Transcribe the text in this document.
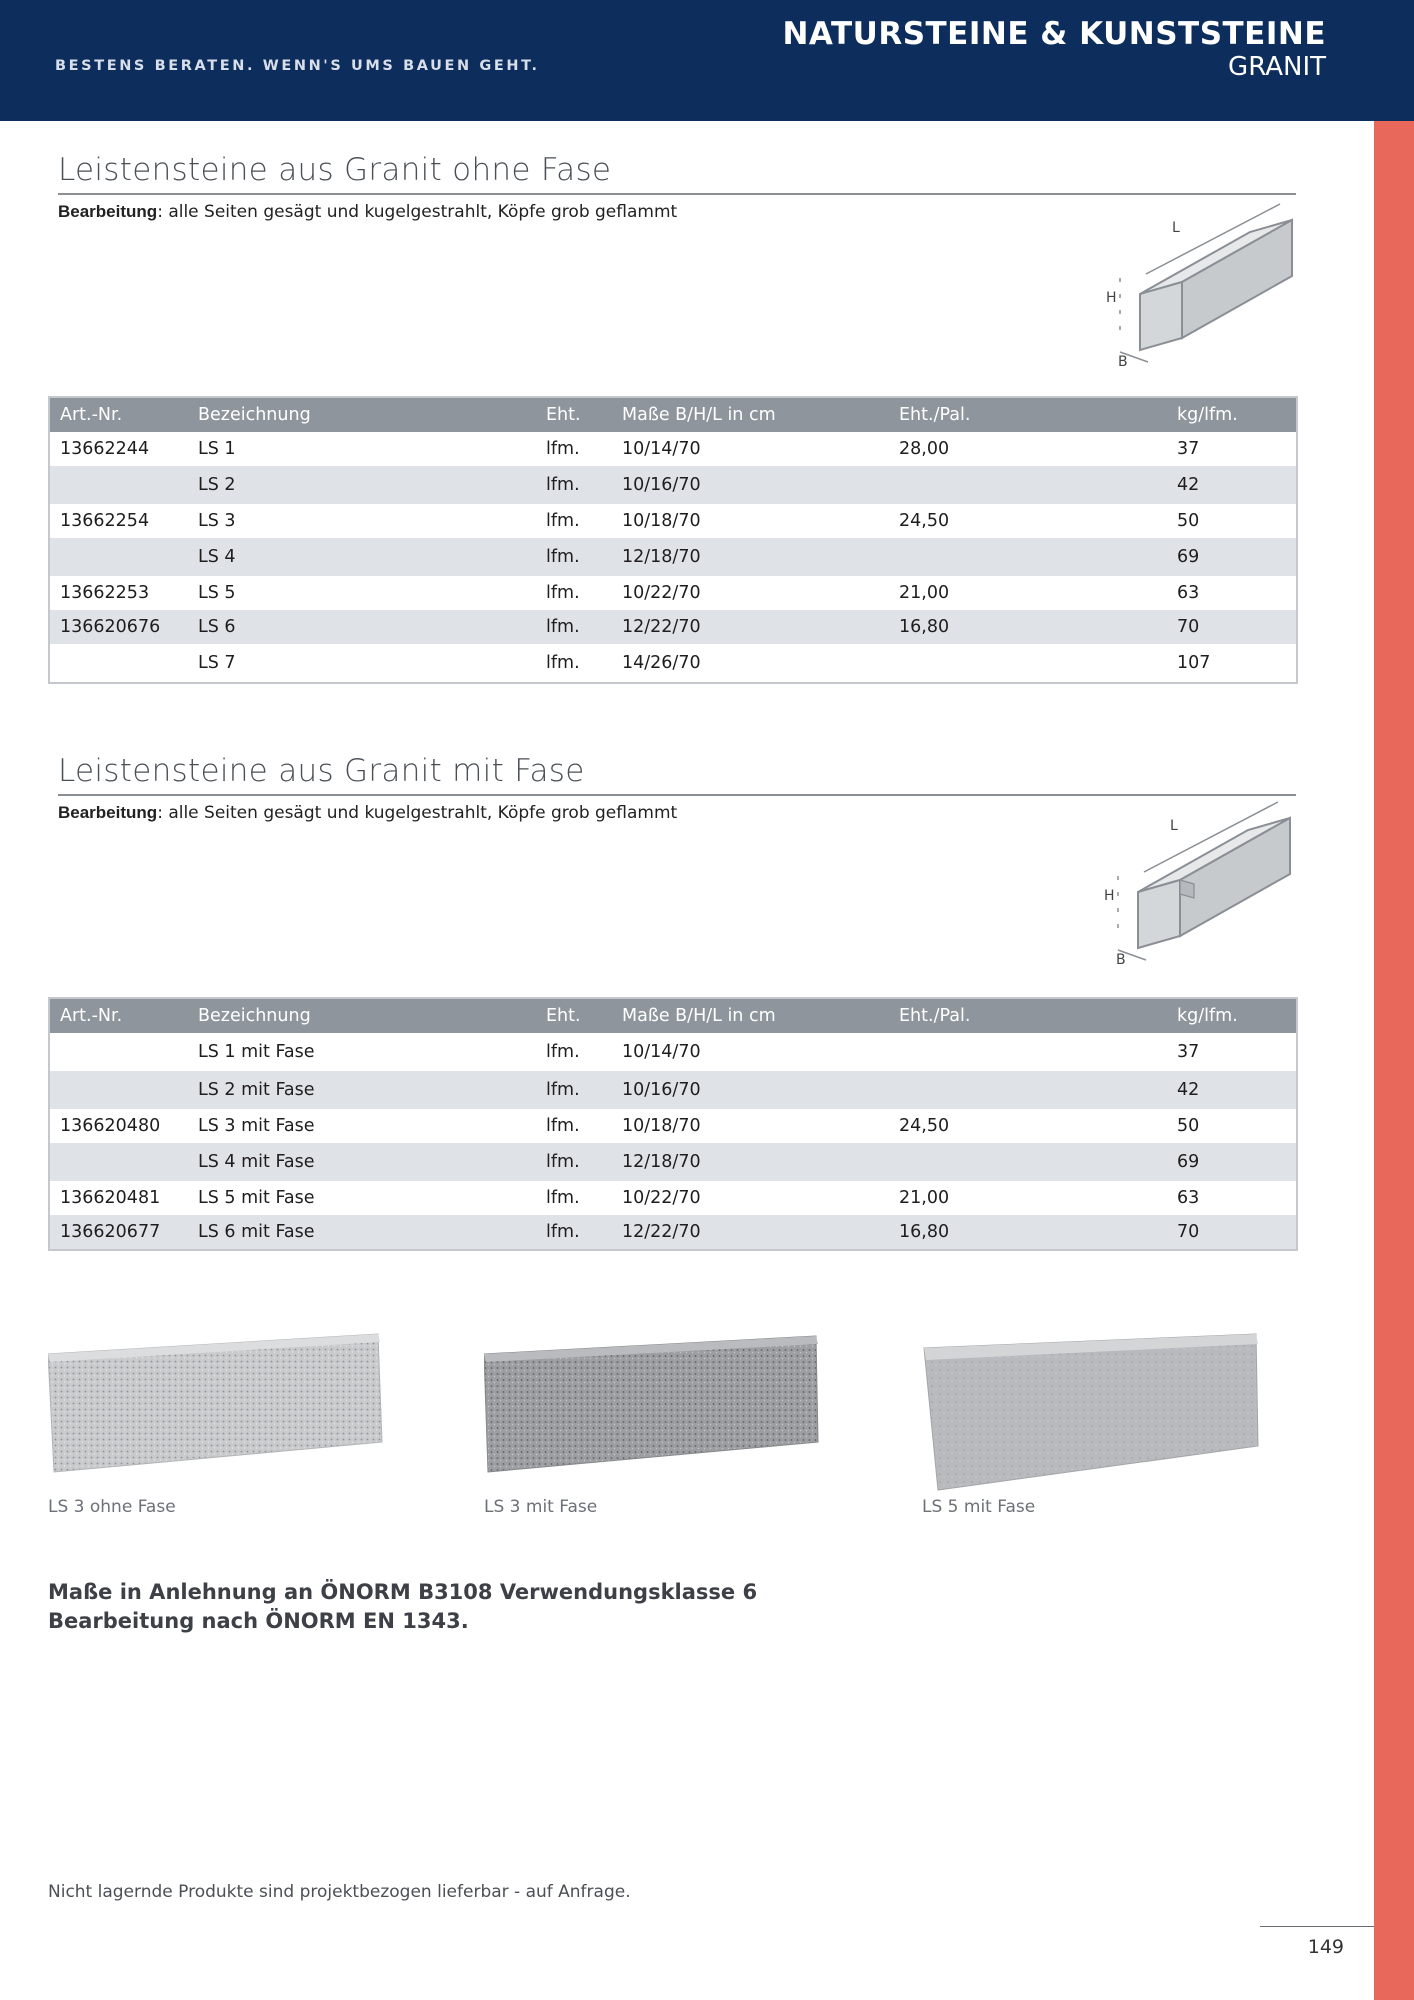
BESTENS BERATEN. WENN'S UMS BAUEN GEHT.
NATURSTEINE & KUNSTSTEINE
GRANIT
Leistensteine aus Granit ohne Fase
Bearbeitung: alle Seiten gesägt und kugelgestrahlt, Köpfe grob geflammt
L
H
B
Art.-Nr.	Bezeichnung	Eht.	Maße B/H/L in cm	Eht./Pal.	kg/lfm.
13662244	LS 1	lfm.	10/14/70	28,00	37
	LS 2	lfm.	10/16/70		42
13662254	LS 3	lfm.	10/18/70	24,50	50
	LS 4	lfm.	12/18/70		69
13662253	LS 5	lfm.	10/22/70	21,00	63
136620676	LS 6	lfm.	12/22/70	16,80	70
	LS 7	lfm.	14/26/70		107
Leistensteine aus Granit mit Fase
Bearbeitung: alle Seiten gesägt und kugelgestrahlt, Köpfe grob geflammt
L
H
B
Art.-Nr.	Bezeichnung	Eht.	Maße B/H/L in cm	Eht./Pal.	kg/lfm.
	LS 1 mit Fase	lfm.	10/14/70		37
	LS 2 mit Fase	lfm.	10/16/70		42
136620480	LS 3 mit Fase	lfm.	10/18/70	24,50	50
	LS 4 mit Fase	lfm.	12/18/70		69
136620481	LS 5 mit Fase	lfm.	10/22/70	21,00	63
136620677	LS 6 mit Fase	lfm.	12/22/70	16,80	70
LS 3 ohne Fase	LS 3 mit Fase	LS 5 mit Fase
Maße in Anlehnung an ÖNORM B3108 Verwendungsklasse 6
Bearbeitung nach ÖNORM EN 1343.
Nicht lagernde Produkte sind projektbezogen lieferbar - auf Anfrage.
149
